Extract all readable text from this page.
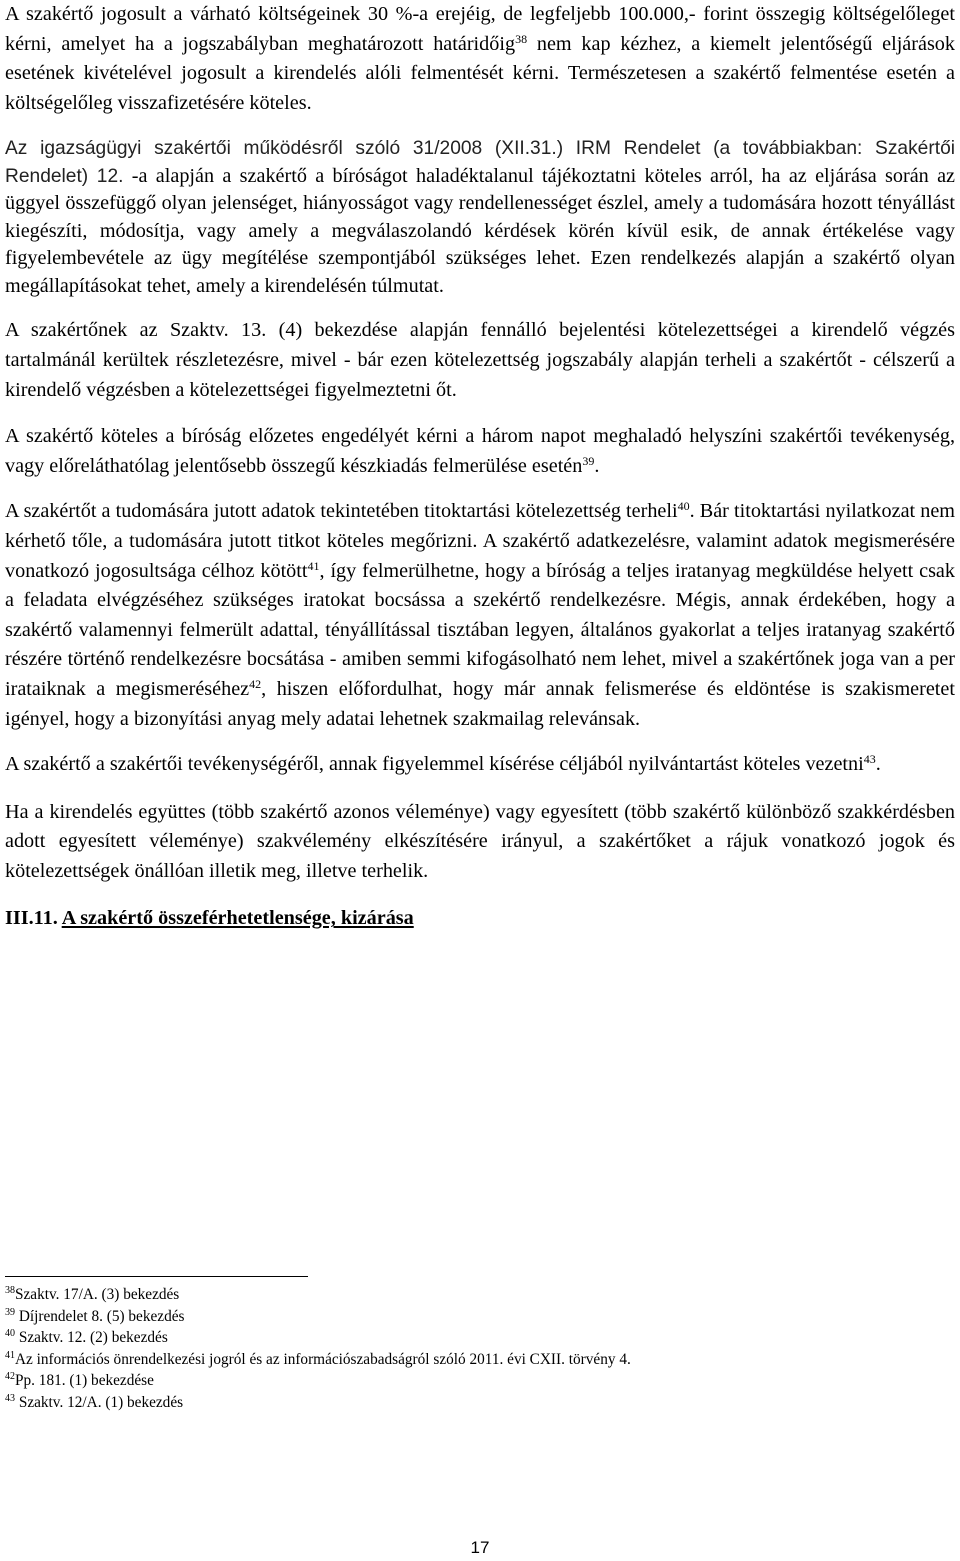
A szakértő jogosult a várható költségeinek 30 %-a erejéig, de legfeljebb 100.000,- forint összegig költségelőleget kérni, amelyet ha a jogszabályban meghatározott határidőig$^{38}$ nem kap kézhez, a kiemelt jelentőségű eljárások esetének kivételével jogosult a kirendelés alóli felmentését kérni. Természetesen a szakértő felmentése esetén a költségelőleg visszafizetésére köteles.

Az igazságügyi szakértői működésről szóló 31/2008 (XII.31.) IRM Rendelet (a továbbiakban: Szakértői Rendelet) 12. -a alapján a szakértő a bíróságot haladéktalanul tájékoztatni köteles arról, ha az eljárása során az üggyel összefüggő olyan jelenséget, hiányosságot vagy rendellenességet észlel, amely a tudomására hozott tényállást kiegészíti, módosítja, vagy amely a megválaszolandó kérdések körén kívül esik, de annak értékelése vagy figyelembevétele az ügy megítélése szempontjából szükséges lehet. Ezen rendelkezés alapján a szakértő olyan megállapításokat tehet, amely a kirendelésén túlmutat.

A szakértőnek az Szaktv. 13. (4) bekezdése alapján fennálló bejelentési kötelezettségei a kirendelő végzés tartalmánál kerültek részletezésre, mivel - bár ezen kötelezettség jogszabály alapján terheli a szakértőt - célszerű a kirendelő végzésben a kötelezettségei figyelmeztetni őt.

A szakértő köteles a bíróság előzetes engedélyét kérni a három napot meghaladó helyszíni szakértői tevékenység, vagy előreláthatólag jelentősebb összegű készkiadás felmerülése esetén$^{39}$.

A szakértőt a tudomására jutott adatok tekintetében titoktartási kötelezettség terheli$^{40}$. Bár titoktartási nyilatkozat nem kérhető tőle, a tudomására jutott titkot köteles megőrizni. A szakértő adatkezelésre, valamint adatok megismerésére vonatkozó jogosultsága célhoz kötött$^{41}$, így felmerülhetne, hogy a bíróság a teljes iratanyag megküldése helyett csak a feladata elvégzéséhez szükséges iratokat bocsássa a szekértő rendelkezésre. Mégis, annak érdekében, hogy a szakértő valamennyi felmerült adattal, tényállítással tisztában legyen, általános gyakorlat a teljes iratanyag szakértő részére történő rendelkezésre bocsátása - amiben semmi kifogásolható nem lehet, mivel a szakértőnek joga van a per irataiknak a megismeréséhez$^{42}$, hiszen előfordulhat, hogy már annak felismerése és eldöntése is szakismeretet igényel, hogy a bizonyítási anyag mely adatai lehetnek szakmailag relevánsak.

A szakértő a szakértői tevékenységéről, annak figyelemmel kísérése céljából nyilvántartást köteles vezetni$^{43}$.

Ha a kirendelés együttes (több szakértő azonos véleménye) vagy egyesített (több szakértő különböző szakkérdésben adott egyesített véleménye) szakvélemény elkészítésére irányul, a szakértőket a rájuk vonatkozó jogok és kötelezettségek önállóan illetik meg, illetve terhelik.

III.11. A szakértő összeférhetetlensége, kizárása
$^{38}$Szaktv. 17/A. (3) bekezdés
$^{39}$ Díjrendelet 8. (5) bekezdés
$^{40}$ Szaktv. 12. (2) bekezdés
$^{41}$Az információs önrendelkezési jogról és az információszabadságról szóló 2011. évi CXII. törvény 4.
$^{42}$Pp. 181. (1) bekezdése
$^{43}$ Szaktv. 12/A. (1) bekezdés
17
